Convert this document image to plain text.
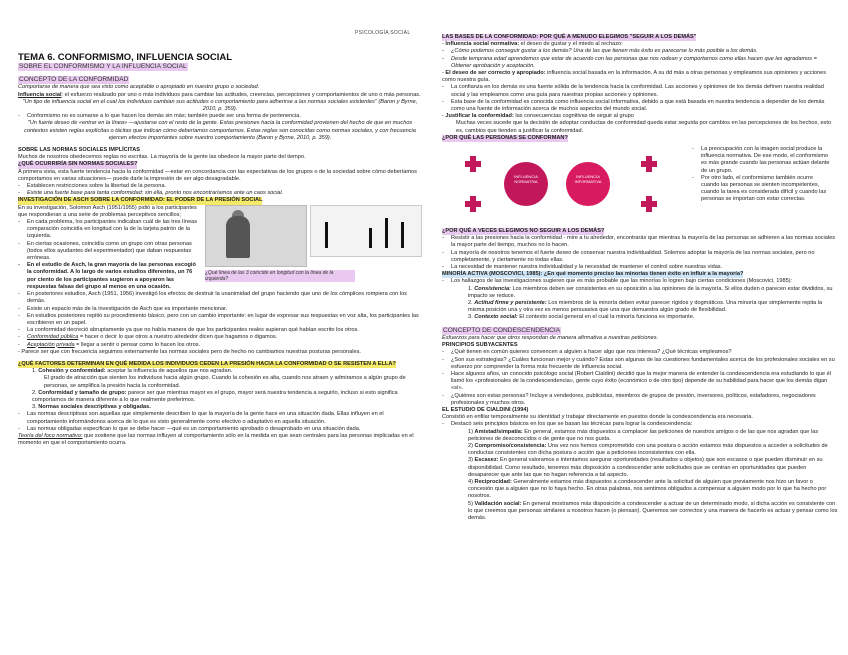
PSICOLOGÍA SOCIAL
TEMA 6. CONFORMISMO, INFLUENCIA SOCIAL
SOBRE EL CONFORMISMO Y LA INFLUENCIA SOCIAL
CONCEPTO DE LA CONFORMIDAD

Comportarse de manera que sea visto como aceptable o apropiado en nuestro grupo o sociedad.

Influencia social: el esfuerzo realizado por uno o más individuos para cambiar las actitudes, creencias, percepciones y comportamientos de uno o más personas.

"Un tipo de influencia social en el cual los individuos cambian sus actitudes o comportamiento para adherirse a las normas sociales existentes" (Baron y Byrne, 2010, p. 359).

- Conformismo no es sumarse a lo que hacen los demás sin más; también puede ser una forma de pertenencia.

"Un fuerte deseo de «entrar en la línea» —ajustarse con el resto de la gente. Estas presiones hacia la conformidad provienen del hecho de que en muchos contextos existen reglas explícitas o tácitas que indican cómo deberíamos comportarnos. Estas reglas son conocidas como normas sociales, y con frecuencia ejercen efectos importantes sobre nuestro comportamiento (Baron y Byrne, 2010, p. 359).

SOBRE LAS NORMAS SOCIALES IMPLÍCITAS

Muchos de nosotros obedecemos reglas no escritas. La mayoría de la gente las obedece la mayor parte del tiempo.

¿QUÉ OCURRIRÍA SIN NORMAS SOCIALES?

A primera vista, esta fuerte tendencia hacia la conformidad —estar en concordancia con las expectativas de los grupos o de la sociedad sobre cómo deberíamos comportarnos en varias situaciones— puede darle la impresión de ser algo desagradable.

- Establecen restricciones sobre la libertad de la persona.

- Existe una fuerte base para tanta conformidad: sin ella, pronto nos encontraríamos ante un caos social.

INVESTIGACIÓN DE ASCH SOBRE LA CONFORMIDAD: EL PODER DE LA PRESIÓN SOCIAL

En su investigación, Solomon Asch (1951/1955) pidió a los participantes que respondieran a una serie de problemas perceptivos sencillos;

- En cada problema, los participantes indicaban cuál de las tres líneas comparación coincidía en longitud con la de la tarjeta patrón de la izquierda.

- En ciertas ocasiones, coincidía como un grupo con otras personas (todos ellos ayudantes del experimentador) que daban respuestas erróneas.

- En el estudio de Asch, la gran mayoría de las personas escogió la conformidad. A lo largo de varios estudios diferentes, un 76 por ciento de los participantes sugieron a apoyaron las respuestas falsas del grupo al menos en una ocasión.

¿Qué línea de las 3 coincide en longitud con la línea de la izquierda?

- En posteriores estudios, Asch (1951, 1956) investigó los efectos de destruir la unanimidad del grupo haciendo que uno de los cómplices rompiera con los demás.

- Existe un espacio más de la investigación de Asch que es importante mencionar.

- En estudios posteriores repitió su procedimiento básico, pero con un cambio importante: en lugar de expresar sus respuestas en voz alta, los participantes las escribieron en un papel.

- La conformidad decreció abruptamente ya que no había manera de que los participantes reales supieran qué habían escrito los otros.

- Conformidad pública = hacer o decir lo que otros a nuestro alrededor dicen que hagamos o digamos.

- Aceptación privada = llegar a sentir o pensar como lo hacen los otros.

- Parece ser que con frecuencia seguimos externamente las normas sociales pero de hecho no cambiamos nuestras posturas personales.

¿QUÉ FACTORES DETERMINAN EN QUÉ MEDIDA LOS INDIVIDUOS CEDEN LA PRESIÓN HACIA LA CONFORMIDAD O SE RESISTEN A ELLA?

1. Cohesión y conformidad: aceptar la influencia de aquellos que nos agradan.

El grado de atracción que sienten los individuos hacia algún grupo. Cuando la cohesión es alta, cuando nos atraen y admiramos a algún grupo de personas, se amplifica la presión hacia la conformidad.

2. Conformidad y tamaño de grupo: parece ser que mientras mayor es el grupo, mayor será nuestra tendencia a seguirlo, incluso si esto significa comportarnos de manera diferente a lo que realmente preferimos.

3. Normas sociales descriptivas y obligadas.

- Las normas descriptivas son aquellas que simplemente describen lo que la mayoría de la gente hace en una situación dada. Ellas influyen en el comportamiento informándonos acerca de lo que es visto generalmente como efectivo o adaptativo en aquella situación.

- Las normas obligadas especifican lo que se debe hacer —qué es un comportamiento aprobado o desaprobado en una situación dada.

Teoría del foco normativo: que sostiene que las normas influyen al comportamiento sólo en la medida en que sean centrales para las personas implicadas en el momento en que el comportamiento ocurra.

LAS BASES DE LA CONFORMIDAD: POR QUÉ A MENUDO ELEGIMOS "SEGUIR A LOS DEMÁS"

- Influencia social normativa: el deseo de gustar y el miedo al rechazo:

- ¿Cómo podemos conseguir gustar a los demás? Una de las que tienen más éxito es parecerse lo más posible a los demás.

- Desde temprana edad aprendemos que estar de acuerdo con las personas que nos rodean y comportarnos como ellas hacen que les agradamos = Obtener aprobación y aceptación.

- El deseo de ser correcto y apropiado: influencia social basada en la información. A su dd más a otras personas y empleamos sus opiniones y acciones como nuestra guía.

- La confianza en los demás es una fuente sólida de la tendencia hacia la conformidad. Las acciones y opiniones de los demás definen nuestra realidad social y las empleamos como una guía para nuestras propias acciones y opiniones.

- Esta base de la conformidad es conocida como influencia social informativa, debido a que está basada en nuestra tendencia a depender de los demás como una fuente de información acerca de muchos aspectos del mundo social.

- Justificar la conformidad: las consecuencias cognitivas de seguir al grupo

Muchas veces sucede que la decisión de adoptar conductas de conformidad queda estar seguida por cambios en las percepciones de los hechos, esto es, cambios que tienden a justificar la conformidad.

¿POR QUÉ LAS PERSONAS SE CONFORMAN?

INFLUENCIA NORMATIVA
INFLUENCIA INFORMATIVA

- La preocupación con la imagen social produce la influencia normativa. De ese modo, el conformismo es más grande cuando las personas actúan delante de un grupo.

- Por otro lado, el conformismo también ocurre cuando las personas se sienten incompetentes, cuando la tarea es considerada difícil y cuando las personas se importan con estar correctas.

¿POR QUÉ A VECES ELEGIMOS NO SEGUIR A LOS DEMÁS?

- Resistir a las presiones hacia la conformidad - mire a tu alrededor, encontrarás que mientras la mayoría de las personas se adhieren a las normas sociales la mayor parte del tiempo, muchos no lo hacen.

- La mayoría de nosotros tenemos el fuerte deseo de conservar nuestra individualidad. Solemos adoptar la mayoría de las normas sociales, pero no completamente, y ciertamente no todas ellas.

- La necesidad de mantener nuestra individualidad y la necesidad de mantener el control sobre nuestras vidas.

MINORÍA ACTIVA (MOSCOVICI, 1985): ¿En qué momento preciso las minorías tienen éxito en influir a la mayoría?

- Los hallazgos de las investigaciones sugieren que es más probable que las minorías lo logren bajo ciertas condiciones (Moscovici, 1985):

1. Consistencia: Los miembros deben ser consistentes en su oposición a las opiniones de la mayoría. Si ellos duden o parecen estar divididos, su impacto se reduce.

2. Actitud firme y persistente: Los miembros de la minoría deben evitar parecer rígidos y dogmáticos. Una minoría que simplemente repita la misma posición una y otra vez es menos persuasiva que una que demuestra algún grado de flexibilidad.

3. Contexto social: El contexto social general en el cual la minoría funciona es importante.

CONCEPTO DE CONDESCENDENCIA

Esfuerzos para hacer que otros respondan de manera afirmativa a nuestras peticiones.

PRINCIPIOS SUBYACENTES

- ¿Qué tienen en común quienes convencen a alguien a hacer algo que nos interesa? ¿Qué técnicas empleamos?

- ¿Son sus estrategias? ¿Cuáles funcionan mejor y cuándo? Estas son algunas de las cuestiones fundamentales acerca de los profesionales sociales en su esfuerzo por comprender la forma más frecuente de influencia social.

- Hace algunos años, un conocido psicólogo social (Robert Cialdini) decidió que la mejor manera de entender la condescendencia era estudiando lo que él llamó los «profesionales de la condescendencia», gente cuyo éxito (económico o de otro tipo) depende de su habilidad para hacer que los demás digan «sí».

- ¿Quiénes son estas personas? Incluye a vendedores, publicistas, miembros de grupos de presión, inversores, políticos, estafadores, negociadores profesionales y muchos otros.

EL ESTUDIO DE CIALDINI (1994)

Consistió en enfilar temporalmente su identidad y trabajar directamente en puestos donde la condescendencia era necesaria.

- Destacó seis principios básicos en los que se basan las técnicas para lograr la condescendencia:

1) Amistad/simpatía: En general, estamos más dispuestos a complacer las peticiones de nuestros amigos o de las que nos agradan que las peticiones de desconocidos o de gente que no nos gusta.

2) Compromiso/consistencia: Una vez nos hemos comprometido con una postura o acción estamos más dispuestos a acceder a solicitudes de conductas consistentes con dicha postura o acción que a peticiones inconsistentes con ella.

3) Escasez: En general valoramos e intentamos asegurar oportunidades (resultados u objetos) que son escasos o que pueden disminuir en su disponibilidad. Como resultado, tenemos más disposición a condescender ante solicitudes que se centran en oportunidades que pueden desaparecer que ante las que no hagan referencia a tal aspecto.

4) Reciprocidad: Generalmente estamos más dispuestos a condescender ante la solicitud de alguien que previamente nos hizo un favor o concesión que a alguien que no lo haya hecho. En otras palabras, nos sentimos obligados a compensar a alguien modo por lo que ha hecho por nosotros.

5) Validación social: En general mostramos más disposición a condescender a actuar de un determinado modo, si dicha acción es consistente con lo que creemos que personas similares a nosotros hacen (o piensan). Queremos ser correctos y una manera de hacerlo es actuar y pensar como los demás.
